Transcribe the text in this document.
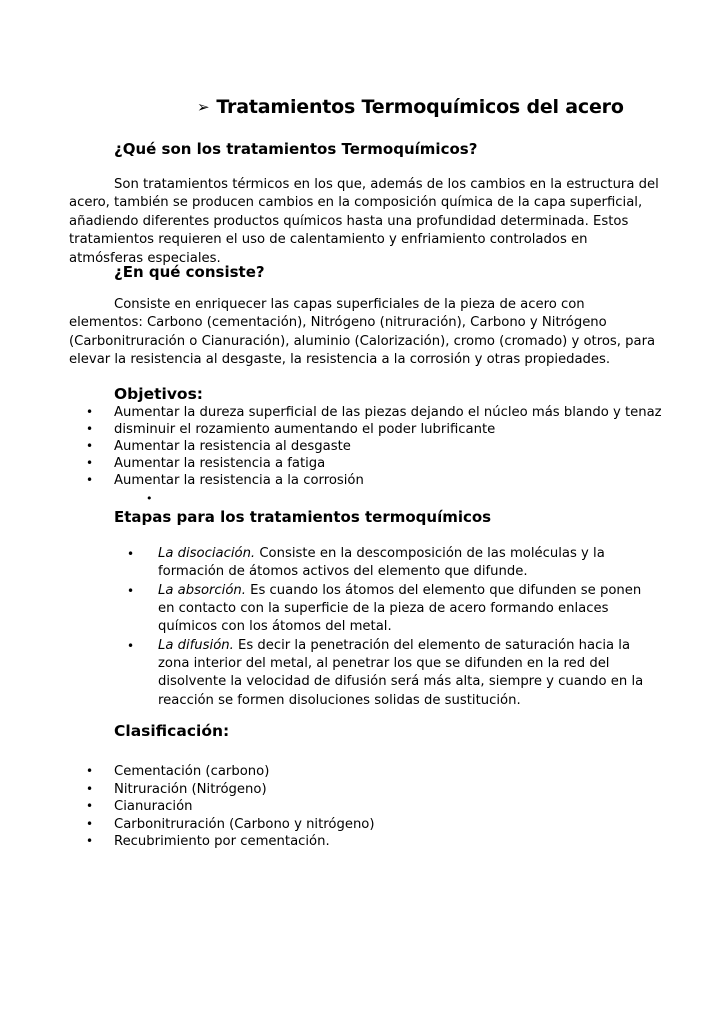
➢ Tratamientos Termoquímicos del acero
¿Qué son los tratamientos Termoquímicos?

Son tratamientos térmicos en los que, además de los cambios en la estructura del acero, también se producen cambios en la composición química de la capa superficial, añadiendo diferentes productos químicos hasta una profundidad determinada. Estos tratamientos requieren el uso de calentamiento y enfriamiento controlados en atmósferas especiales.

¿En qué consiste?

Consiste en enriquecer las capas superficiales de la pieza de acero con elementos: Carbono (cementación), Nitrógeno (nitruración), Carbono y Nitrógeno (Carbonitruración o Cianuración), aluminio (Calorización), cromo (cromado) y otros, para elevar la resistencia al desgaste, la resistencia a la corrosión y otras propiedades.

Objetivos:
• Aumentar la dureza superficial de las piezas dejando el núcleo más blando y tenaz
• disminuir el rozamiento aumentando el poder lubrificante
• Aumentar la resistencia al desgaste
• Aumentar la resistencia a fatiga
• Aumentar la resistencia a la corrosión
•
Etapas para los tratamientos termoquímicos
• La disociación. Consiste en la descomposición de las moléculas y la formación de átomos activos del elemento que difunde.
• La absorción. Es cuando los átomos del elemento que difunden se ponen en contacto con la superficie de la pieza de acero formando enlaces químicos con los átomos del metal.
• La difusión. Es decir la penetración del elemento de saturación hacia la zona interior del metal, al penetrar los que se difunden en la red del disolvente la velocidad de difusión será más alta, siempre y cuando en la reacción se formen disoluciones solidas de sustitución.
Clasificación:
• Cementación (carbono)
• Nitruración (Nitrógeno)
• Cianuración
• Carbonitruración (Carbono y nitrógeno)
• Recubrimiento por cementación.
